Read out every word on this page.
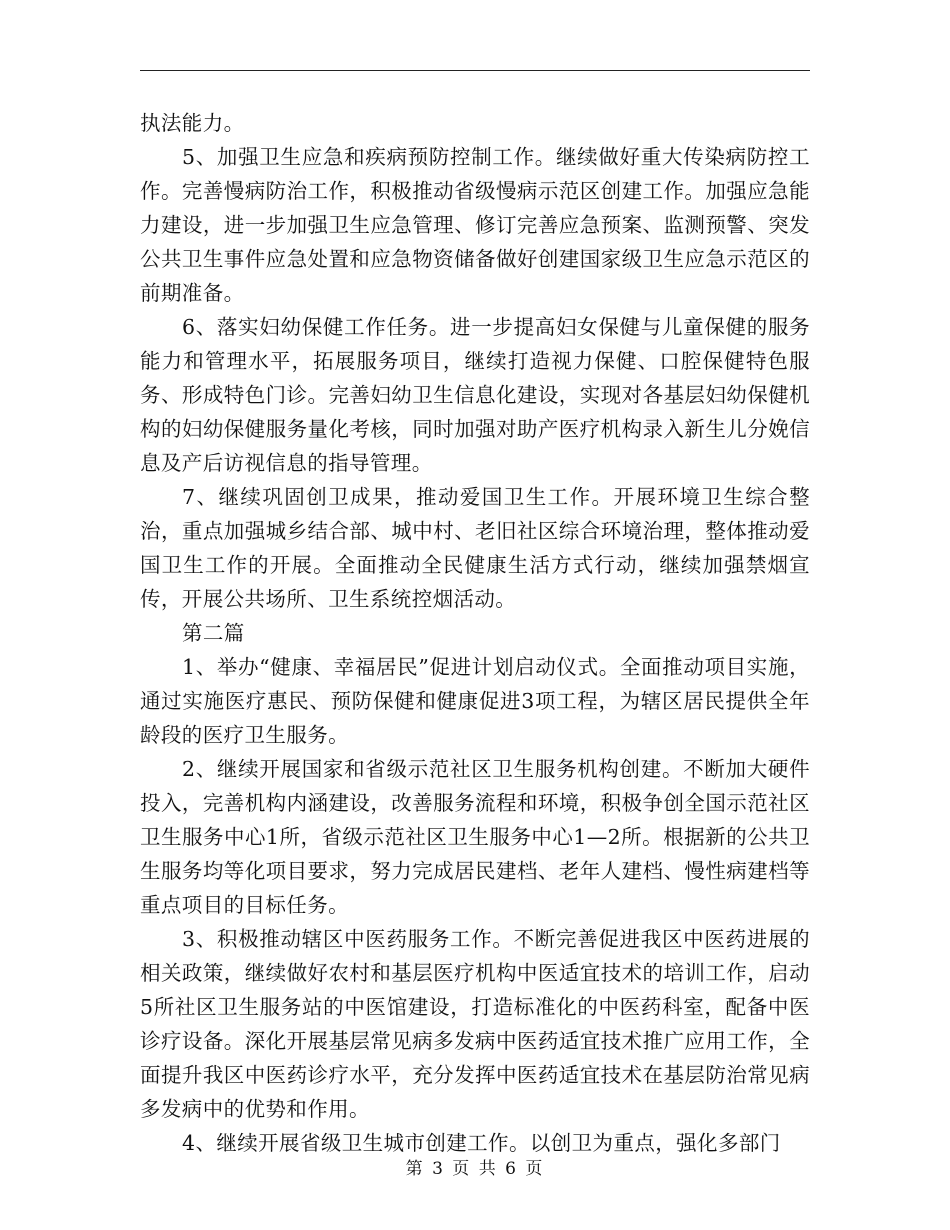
执法能力。

5、加强卫生应急和疾病预防控制工作。继续做好重大传染病防控工作。完善慢病防治工作，积极推动省级慢病示范区创建工作。加强应急能力建设，进一步加强卫生应急管理、修订完善应急预案、监测预警、突发公共卫生事件应急处置和应急物资储备做好创建国家级卫生应急示范区的前期准备。

6、落实妇幼保健工作任务。进一步提高妇女保健与儿童保健的服务能力和管理水平，拓展服务项目，继续打造视力保健、口腔保健特色服务、形成特色门诊。完善妇幼卫生信息化建设，实现对各基层妇幼保健机构的妇幼保健服务量化考核，同时加强对助产医疗机构录入新生儿分娩信息及产后访视信息的指导管理。

7、继续巩固创卫成果，推动爱国卫生工作。开展环境卫生综合整治，重点加强城乡结合部、城中村、老旧社区综合环境治理，整体推动爱国卫生工作的开展。全面推动全民健康生活方式行动，继续加强禁烟宣传，开展公共场所、卫生系统控烟活动。

第二篇

1、举办“健康、幸福居民”促进计划启动仪式。全面推动项目实施，通过实施医疗惠民、预防保健和健康促进3项工程，为辖区居民提供全年龄段的医疗卫生服务。

2、继续开展国家和省级示范社区卫生服务机构创建。不断加大硬件投入，完善机构内涵建设，改善服务流程和环境，积极争创全国示范社区卫生服务中心1所，省级示范社区卫生服务中心1—2所。根据新的公共卫生服务均等化项目要求，努力完成居民建档、老年人建档、慢性病建档等重点项目的目标任务。

3、积极推动辖区中医药服务工作。不断完善促进我区中医药进展的相关政策，继续做好农村和基层医疗机构中医适宜技术的培训工作，启动5所社区卫生服务站的中医馆建设，打造标准化的中医药科室，配备中医诊疗设备。深化开展基层常见病多发病中医药适宜技术推广应用工作，全面提升我区中医药诊疗水平，充分发挥中医药适宜技术在基层防治常见病多发病中的优势和作用。

4、继续开展省级卫生城市创建工作。以创卫为重点，强化多部门

第 3 页 共 6 页
